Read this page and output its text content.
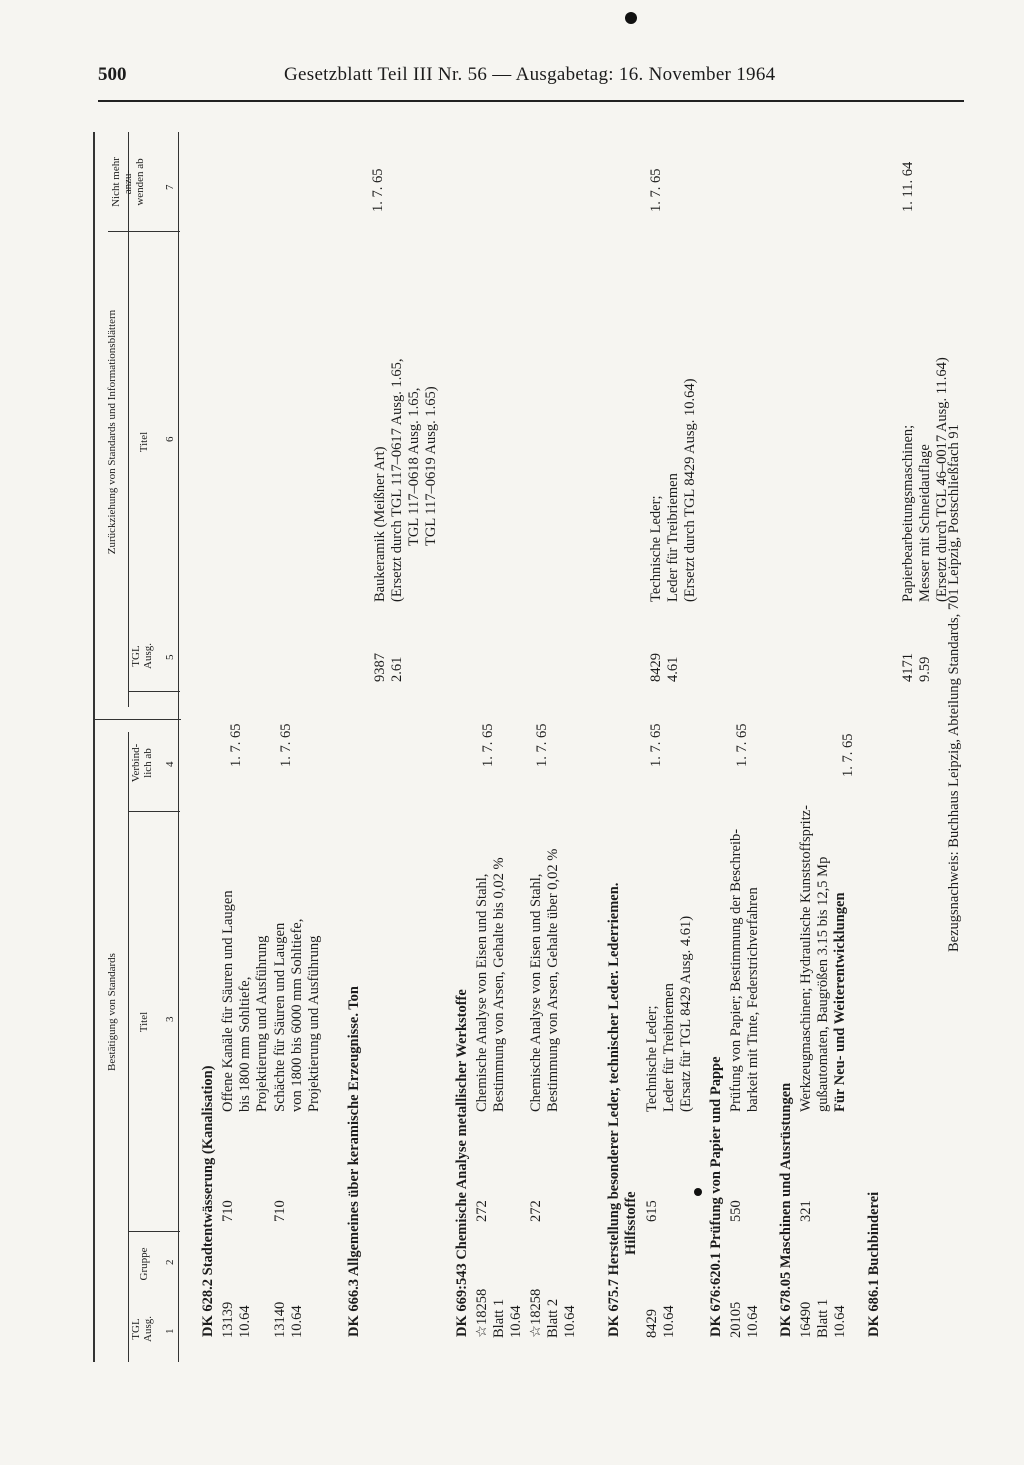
500	Gesetzblatt Teil III Nr. 56 — Ausgabetag: 16. November 1964
Bestätigung von Standards
Zurückziehung von Standards und Informationsblättern
TGL Ausg.
Gruppe
Titel
Verbind- lich ab
TGL Ausg.
Titel
Nicht mehr anzu- wenden ab
1
2
3
4
5
6
7
DK 628.2 Stadtentwässerung (Kanalisation) 13139 10.64
710
Offene Kanäle für Säuren und Laugen bis 1800 mm Sohltiefe, Projektierung und Ausführung
1. 7. 65
13140 10.64
710
Schächte für Säuren und Laugen von 1800 bis 6000 mm Sohltiefe, Projektierung und Ausführung
1. 7. 65
DK 666.3 Allgemeines über keramische Erzeugnisse. Ton
9387 2.61
Baukeramik (Meißner Art) (Ersetzt durch TGL 117–0617 Ausg. 1.65, TGL 117–0618 Ausg. 1.65, TGL 117–0619 Ausg. 1.65)
1. 7. 65
DK 669:543 Chemische Analyse metallischer Werkstoffe ☆18258 Blatt 1 10.64
272
Chemische Analyse von Eisen und Stahl, Bestimmung von Arsen, Gehalte bis 0,02 %
1. 7. 65
☆18258 Blatt 2 10.64
272
Chemische Analyse von Eisen und Stahl, Bestimmung von Arsen, Gehalte über 0,02 %
1. 7. 65
DK 675.7 Herstellung besonderer Leder, technischer Leder. Lederriemen. Hilfsstoffe
8429 10.64
615
Technische Leder; Leder für Treibriemen (Ersatz für TGL 8429 Ausg. 4.61)
1. 7. 65
8429 4.61
Technische Leder; Leder für Treibriemen (Ersetzt durch TGL 8429 Ausg. 10.64)
1. 7. 65
DK 676:620.1 Prüfung von Papier und Pappe 20105 10.64
550
Prüfung von Papier; Bestimmung der Beschreib- barkeit mit Tinte, Federstrichverfahren
1. 7. 65
DK 678.05 Maschinen und Ausrüstungen 16490 Blatt 1 10.64
321
Werkzeugmaschinen; Hydraulische Kunststoffspritz- gußautomaten, Baugrößen 3.15 bis 12,5 Mp Für Neu- und Weiterentwicklungen
1. 7. 65
DK 686.1 Buchbinderei
4171 9.59
Papierbearbeitungsmaschinen; Messer mit Schneidauflage (Ersetzt durch TGL 46–0017 Ausg. 11.64)
1. 11. 64
Bezugsnachweis: Buchhaus Leipzig, Abteilung Standards, 701 Leipzig, Postschließfach 91
